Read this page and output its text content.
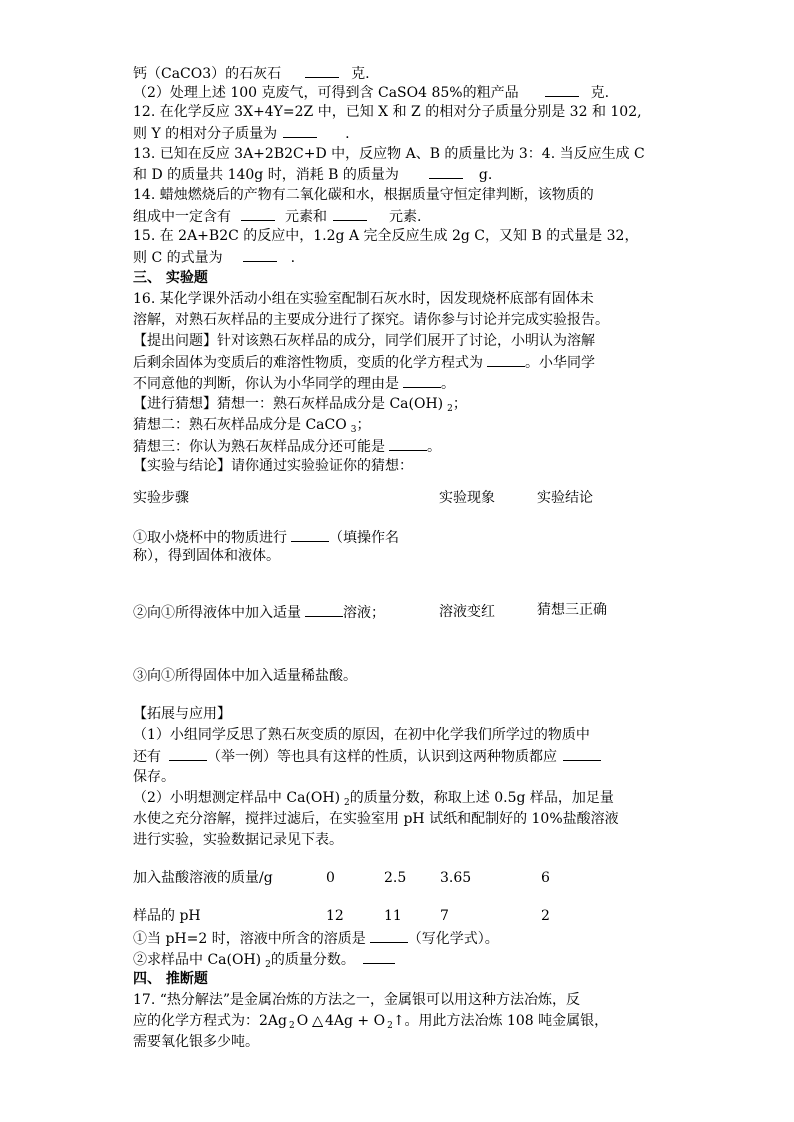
钙（CaCO3）的石灰石	克.
（2）处理上述 100 克废气，可得到含 CaSO4 85%的粗产品	克.
12. 在化学反应 3X+4Y=2Z 中，已知 X 和 Z 的相对分子质量分别是 32 和 102,
则 Y 的相对分子质量为	.
13. 已知在反应 3A+2B2C+D 中，反应物 A、B 的质量比为 3：4. 当反应生成 C
和 D 的质量共 140g 时，消耗 B 的质量为	g.
14. 蜡烛燃烧后的产物有二氧化碳和水，根据质量守恒定律判断，该物质的
组成中一定含有	元素和	元素.
15. 在 2A+B2C 的反应中，1.2g A 完全反应生成 2g C，又知 B 的式量是 32，
则 C 的式量为	.
三、 实验题
16. 某化学课外活动小组在实验室配制石灰水时，因发现烧杯底部有固体未
溶解，对熟石灰样品的主要成分进行了探究。请你参与讨论并完成实验报告。
【提出问题】针对该熟石灰样品的成分，同学们展开了讨论，小明认为溶解
后剩余固体为变质后的难溶性物质，变质的化学方程式为	。小华同学
不同意他的判断，你认为小华同学的理由是	。
【进行猜想】猜想一：熟石灰样品成分是 Ca(OH) $_2$；
猜想二：熟石灰样品成分是 CaCO $_3$；
猜想三：你认为熟石灰样品成分还可能是	。
【实验与结论】请你通过实验验证你的猜想：
实验步骤	实验现象	实验结论
①取小烧杯中的物质进行	（填操作名
称），得到固体和液体。
②向①所得液体中加入适量	溶液；	溶液变红	猜想三正确
③向①所得固体中加入适量稀盐酸。
【拓展与应用】
（1）小组同学反思了熟石灰变质的原因，在初中化学我们所学过的物质中
还有	（举一例）等也具有这样的性质，认识到这两种物质都应
保存。
（2）小明想测定样品中 Ca(OH) $_2$的质量分数，称取上述 0.5g 样品，加足量
水使之充分溶解，搅拌过滤后，在实验室用 pH 试纸和配制好的 10%盐酸溶液
进行实验，实验数据记录见下表。
加入盐酸溶液的质量/g	0	2.5 3.65	6
样品的 pH	12	11	7	2
①当 pH=2 时，溶液中所含的溶质是	（写化学式）。
②求样品中 Ca(OH) $_2$的质量分数。
四、 推断题
17. “热分解法”是金属冶炼的方法之一，金属银可以用这种方法冶炼，反
应的化学方程式为：2Ag $_2$ O △ 4Ag + O $_2$↑。用此方法冶炼 108 吨金属银，
需要氧化银多少吨。
